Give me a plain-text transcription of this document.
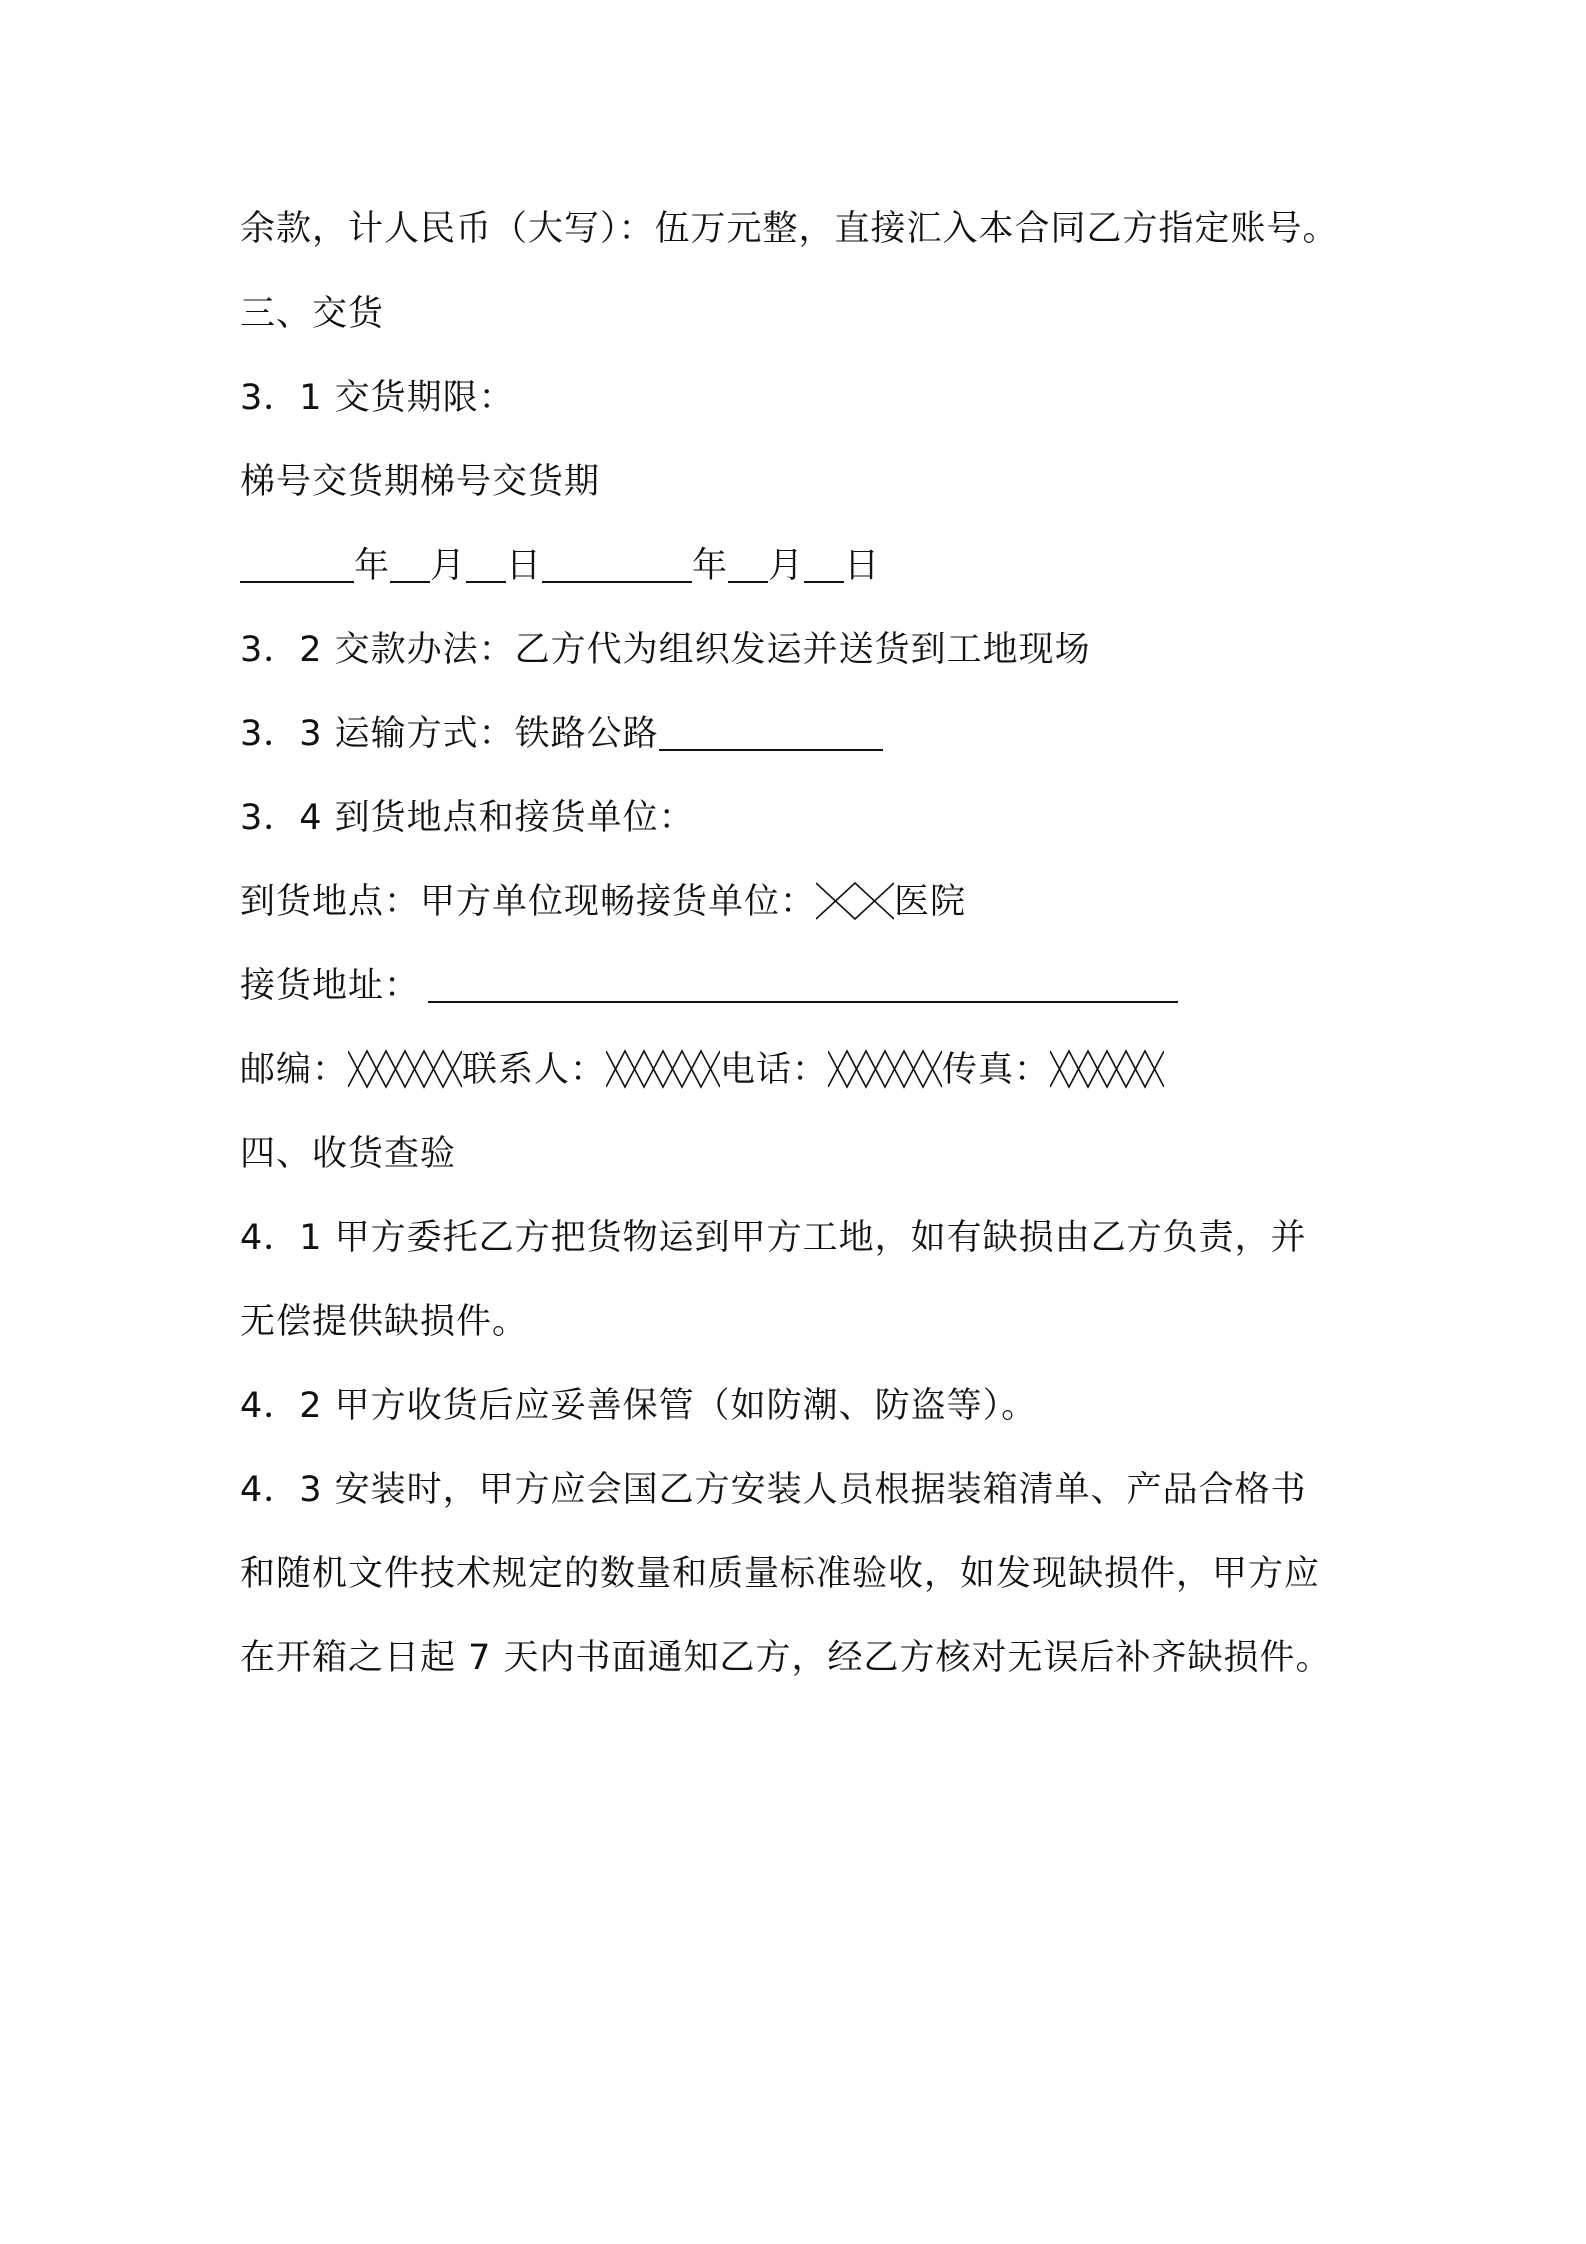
余款，计人民币（大写）：伍万元整，直接汇入本合同乙方指定账号。
三、交货
3．1 交货期限：
梯号交货期梯号交货期
年 月 日	年 月 日
3．2 交款办法：乙方代为组织发运并送货到工地现场
3．3 运输方式：铁路公路
3．4 到货地点和接货单位：
到货地点：甲方单位现畅接货单位： 医院
接货地址：
邮编：	联系人：	电话：	传真：
四、收货查验
4．1 甲方委托乙方把货物运到甲方工地，如有缺损由乙方负责，并
无偿提供缺损件。
4．2 甲方收货后应妥善保管（如防潮、防盗等）。
4．3 安装时，甲方应会国乙方安装人员根据装箱清单、产品合格书
和随机文件技术规定的数量和质量标准验收，如发现缺损件，甲方应
在开箱之日起 7 天内书面通知乙方，经乙方核对无误后补齐缺损件。
